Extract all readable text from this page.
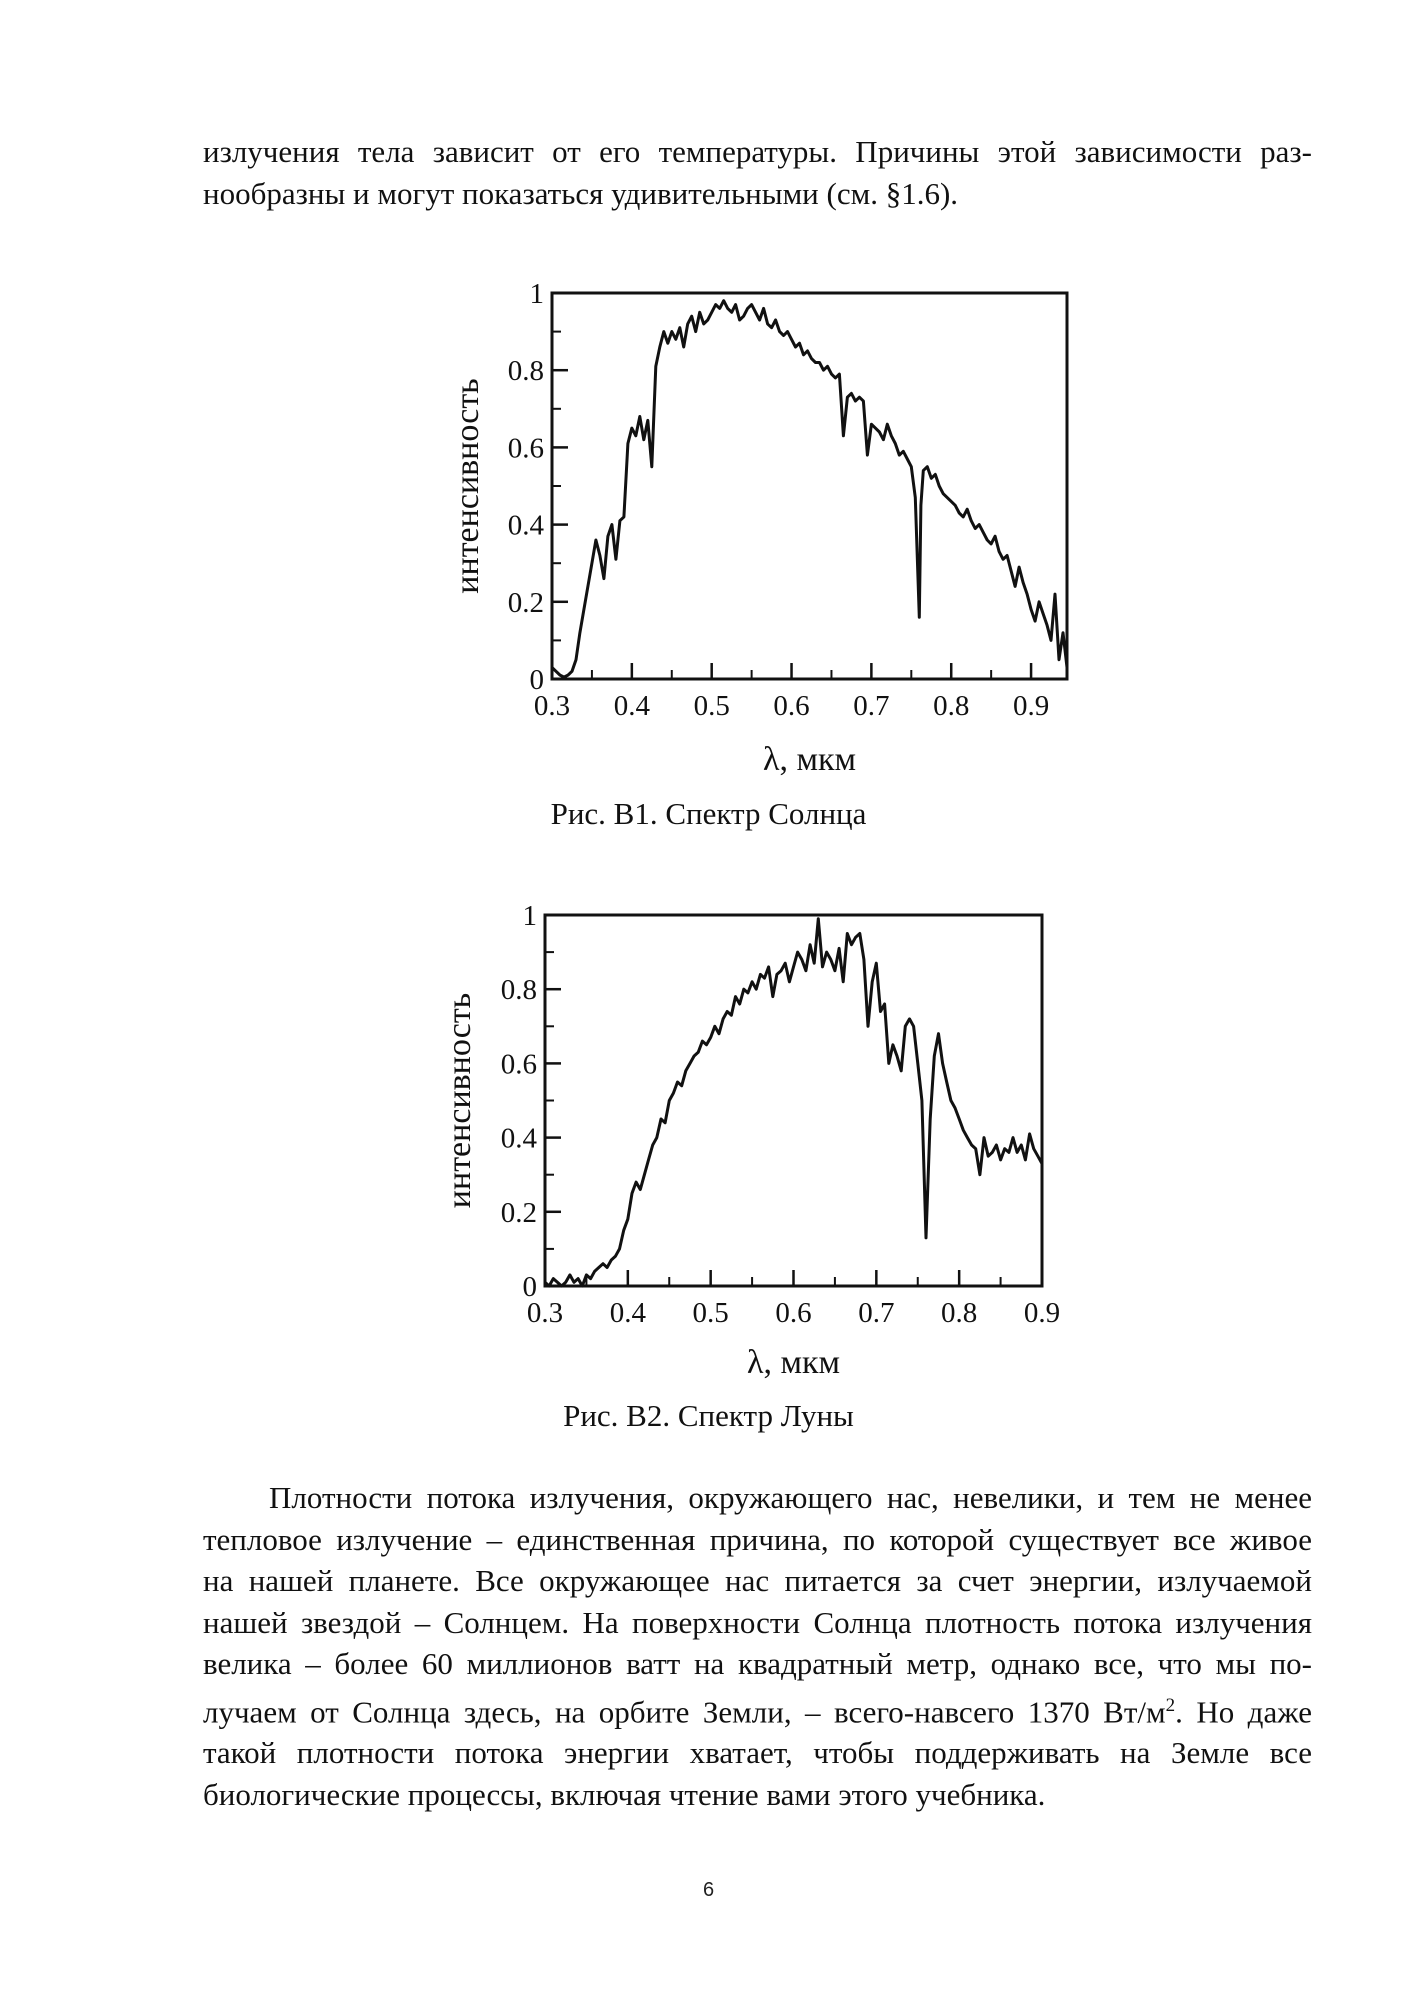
излучения тела зависит от его температуры. Причины этой зависимости раз-
нообразны и могут показаться удивительными (см. §1.6).
0.3 0.4 0.5 0.6 0.7 0.8 0.9
0
0.2
0.4
0.6
0.8
1
λ, мкм
интенсивность
Рис. В1. Спектр Солнца
0.3 0.4 0.5 0.6 0.7 0.8 0.9
0
0.2
0.4
0.6
0.8
1
λ, мкм
интенсивность
Рис. В2. Спектр Луны
Плотности потока излучения, окружающего нас, невелики, и тем не менее
тепловое излучение – единственная причина, по которой существует все живое
на нашей планете. Все окружающее нас питается за счет энергии, излучаемой
нашей звездой – Солнцем. На поверхности Солнца плотность потока излучения
велика – более 60 миллионов ватт на квадратный метр, однако все, что мы по-
лучаем от Солнца здесь, на орбите Земли, – всего-навсего 1370 $Вт/м^2$. Но даже
такой плотности потока энергии хватает, чтобы поддерживать на Земле все
биологические процессы, включая чтение вами этого учебника.
6
